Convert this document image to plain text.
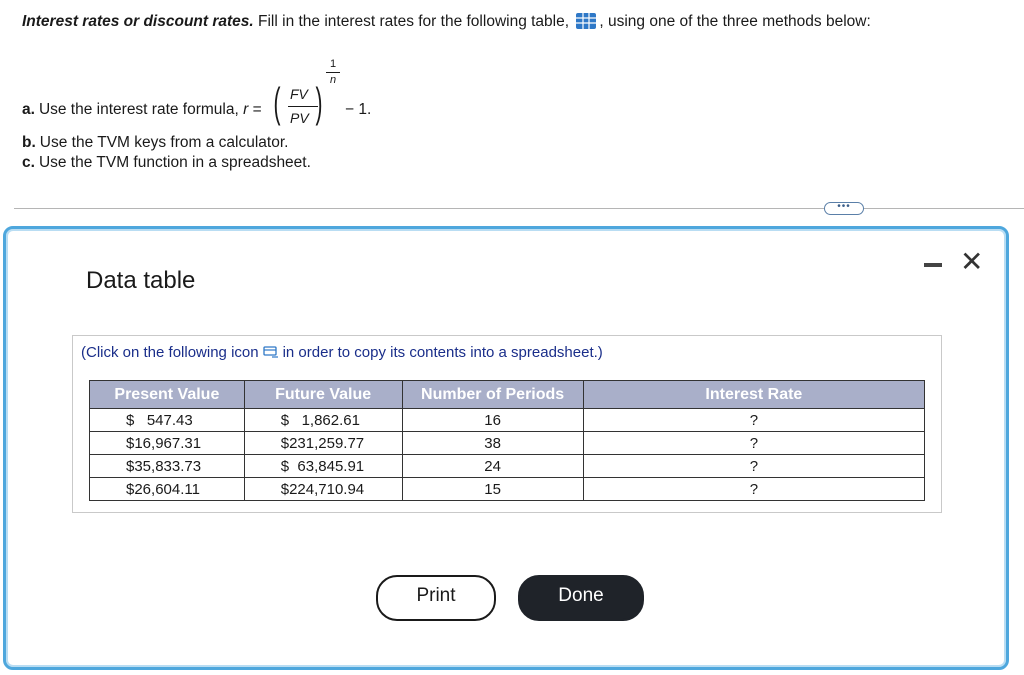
Interest rates or discount rates. Fill in the interest rates for the following table, , using one of the three methods below:
a. Use the interest rate formula, r = ( FV
PV )
1
n
− 1.
b. Use the TVM keys from a calculator.
c. Use the TVM function in a spreadsheet.
•••
Data table
✕
(Click on the following icon in order to copy its contents into a spreadsheet.)
Present Value	Future Value	Number of Periods	Interest Rate
$   547.43	$   1,862.61	16	?
$16,967.31	$231,259.77	38	?
$35,833.73	$  63,845.91	24	?
$26,604.11	$224,710.94	15	?
Print	Done
